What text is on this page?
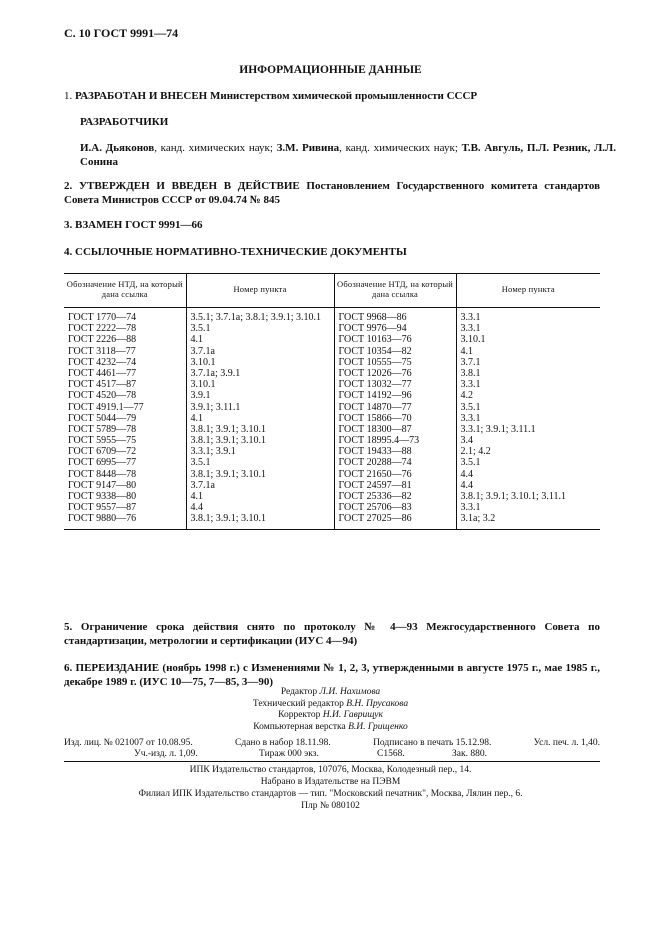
С. 10 ГОСТ 9991—74
ИНФОРМАЦИОННЫЕ ДАННЫЕ
1. РАЗРАБОТАН И ВНЕСЕН Министерством химической промышленности СССР
РАЗРАБОТЧИКИ
И.А. Дьяконов, канд. химических наук; З.М. Ривина, канд. химических наук; Т.В. Авгуль, П.Л. Резник, Л.Л. Сонина
2. УТВЕРЖДЕН И ВВЕДЕН В ДЕЙСТВИЕ Постановлением Государственного комитета стандартов Совета Министров СССР от 09.04.74 № 845
3. ВЗАМЕН ГОСТ 9991—66
4. ССЫЛОЧНЫЕ НОРМАТИВНО-ТЕХНИЧЕСКИЕ ДОКУМЕНТЫ
Обозначение НТД, на который дана ссылка	Номер пункта	Обозначение НТД, на который дана ссылка	Номер пункта
ГОСТ 1770—74	3.5.1; 3.7.1а; 3.8.1; 3.9.1; 3.10.1	ГОСТ 9968—86	3.3.1
ГОСТ 2222—78	3.5.1	ГОСТ 9976—94	3.3.1
ГОСТ 2226—88	4.1	ГОСТ 10163—76	3.10.1
ГОСТ 3118—77	3.7.1а	ГОСТ 10354—82	4.1
ГОСТ 4232—74	3.10.1	ГОСТ 10555—75	3.7.1
ГОСТ 4461—77	3.7.1а; 3.9.1	ГОСТ 12026—76	3.8.1
ГОСТ 4517—87	3.10.1	ГОСТ 13032—77	3.3.1
ГОСТ 4520—78	3.9.1	ГОСТ 14192—96	4.2
ГОСТ 4919.1—77	3.9.1; 3.11.1	ГОСТ 14870—77	3.5.1
ГОСТ 5044—79	4.1	ГОСТ 15866—70	3.3.1
ГОСТ 5789—78	3.8.1; 3.9.1; 3.10.1	ГОСТ 18300—87	3.3.1; 3.9.1; 3.11.1
ГОСТ 5955—75	3.8.1; 3.9.1; 3.10.1	ГОСТ 18995.4—73	3.4
ГОСТ 6709—72	3.3.1; 3.9.1	ГОСТ 19433—88	2.1; 4.2
ГОСТ 6995—77	3.5.1	ГОСТ 20288—74	3.5.1
ГОСТ 8448—78	3.8.1; 3.9.1; 3.10.1	ГОСТ 21650—76	4.4
ГОСТ 9147—80	3.7.1а	ГОСТ 24597—81	4.4
ГОСТ 9338—80	4.1	ГОСТ 25336—82	3.8.1; 3.9.1; 3.10.1; 3.11.1
ГОСТ 9557—87	4.4	ГОСТ 25706—83	3.3.1
ГОСТ 9880—76	3.8.1; 3.9.1; 3.10.1	ГОСТ 27025—86	3.1а; 3.2
5. Ограничение срока действия снято по протоколу № 4—93 Межгосударственного Совета по стандартизации, метрологии и сертификации (ИУС 4—94)
6. ПЕРЕИЗДАНИЕ (ноябрь 1998 г.) с Изменениями № 1, 2, 3, утвержденными в августе 1975 г., мае 1985 г., декабре 1989 г. (ИУС 10—75, 7—85, 3—90)
Редактор Л.И. Нахимова
Технический редактор В.Н. Прусакова
Корректор Н.И. Гаврищук
Компьютерная верстка В.И. Грищенко
Изд. лиц. № 021007 от 10.08.95.	Сдано в набор 18.11.98.	Подписано в печать 15.12.98.	Усл. печ. л. 1,40.
Уч.-изд. л. 1,09.	Тираж 000 экз.	С1568.	Зак. 880.
ИПК Издательство стандартов, 107076, Москва, Колодезный пер., 14.
Набрано в Издательстве на ПЭВМ
Филиал ИПК Издательство стандартов — тип. "Московский печатник", Москва, Лялин пер., 6.
Плр № 080102
